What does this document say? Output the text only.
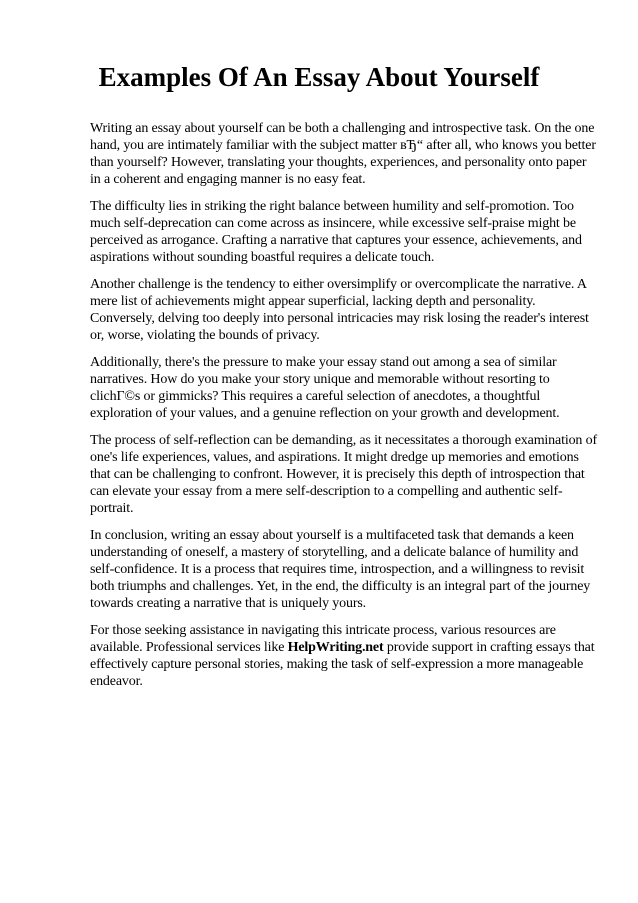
Examples Of An Essay About Yourself

Writing an essay about yourself can be both a challenging and introspective task. On the one hand, you are intimately familiar with the subject matter вЂ“ after all, who knows you better than yourself? However, translating your thoughts, experiences, and personality onto paper in a coherent and engaging manner is no easy feat.

The difficulty lies in striking the right balance between humility and self-promotion. Too much self-deprecation can come across as insincere, while excessive self-praise might be perceived as arrogance. Crafting a narrative that captures your essence, achievements, and aspirations without sounding boastful requires a delicate touch.

Another challenge is the tendency to either oversimplify or overcomplicate the narrative. A mere list of achievements might appear superficial, lacking depth and personality. Conversely, delving too deeply into personal intricacies may risk losing the reader's interest or, worse, violating the bounds of privacy.

Additionally, there's the pressure to make your essay stand out among a sea of similar narratives. How do you make your story unique and memorable without resorting to clichГ©s or gimmicks? This requires a careful selection of anecdotes, a thoughtful exploration of your values, and a genuine reflection on your growth and development.

The process of self-reflection can be demanding, as it necessitates a thorough examination of one's life experiences, values, and aspirations. It might dredge up memories and emotions that can be challenging to confront. However, it is precisely this depth of introspection that can elevate your essay from a mere self-description to a compelling and authentic self-portrait.

In conclusion, writing an essay about yourself is a multifaceted task that demands a keen understanding of oneself, a mastery of storytelling, and a delicate balance of humility and self-confidence. It is a process that requires time, introspection, and a willingness to revisit both triumphs and challenges. Yet, in the end, the difficulty is an integral part of the journey towards creating a narrative that is uniquely yours.

For those seeking assistance in navigating this intricate process, various resources are available. Professional services like HelpWriting.net provide support in crafting essays that effectively capture personal stories, making the task of self-expression a more manageable endeavor.
